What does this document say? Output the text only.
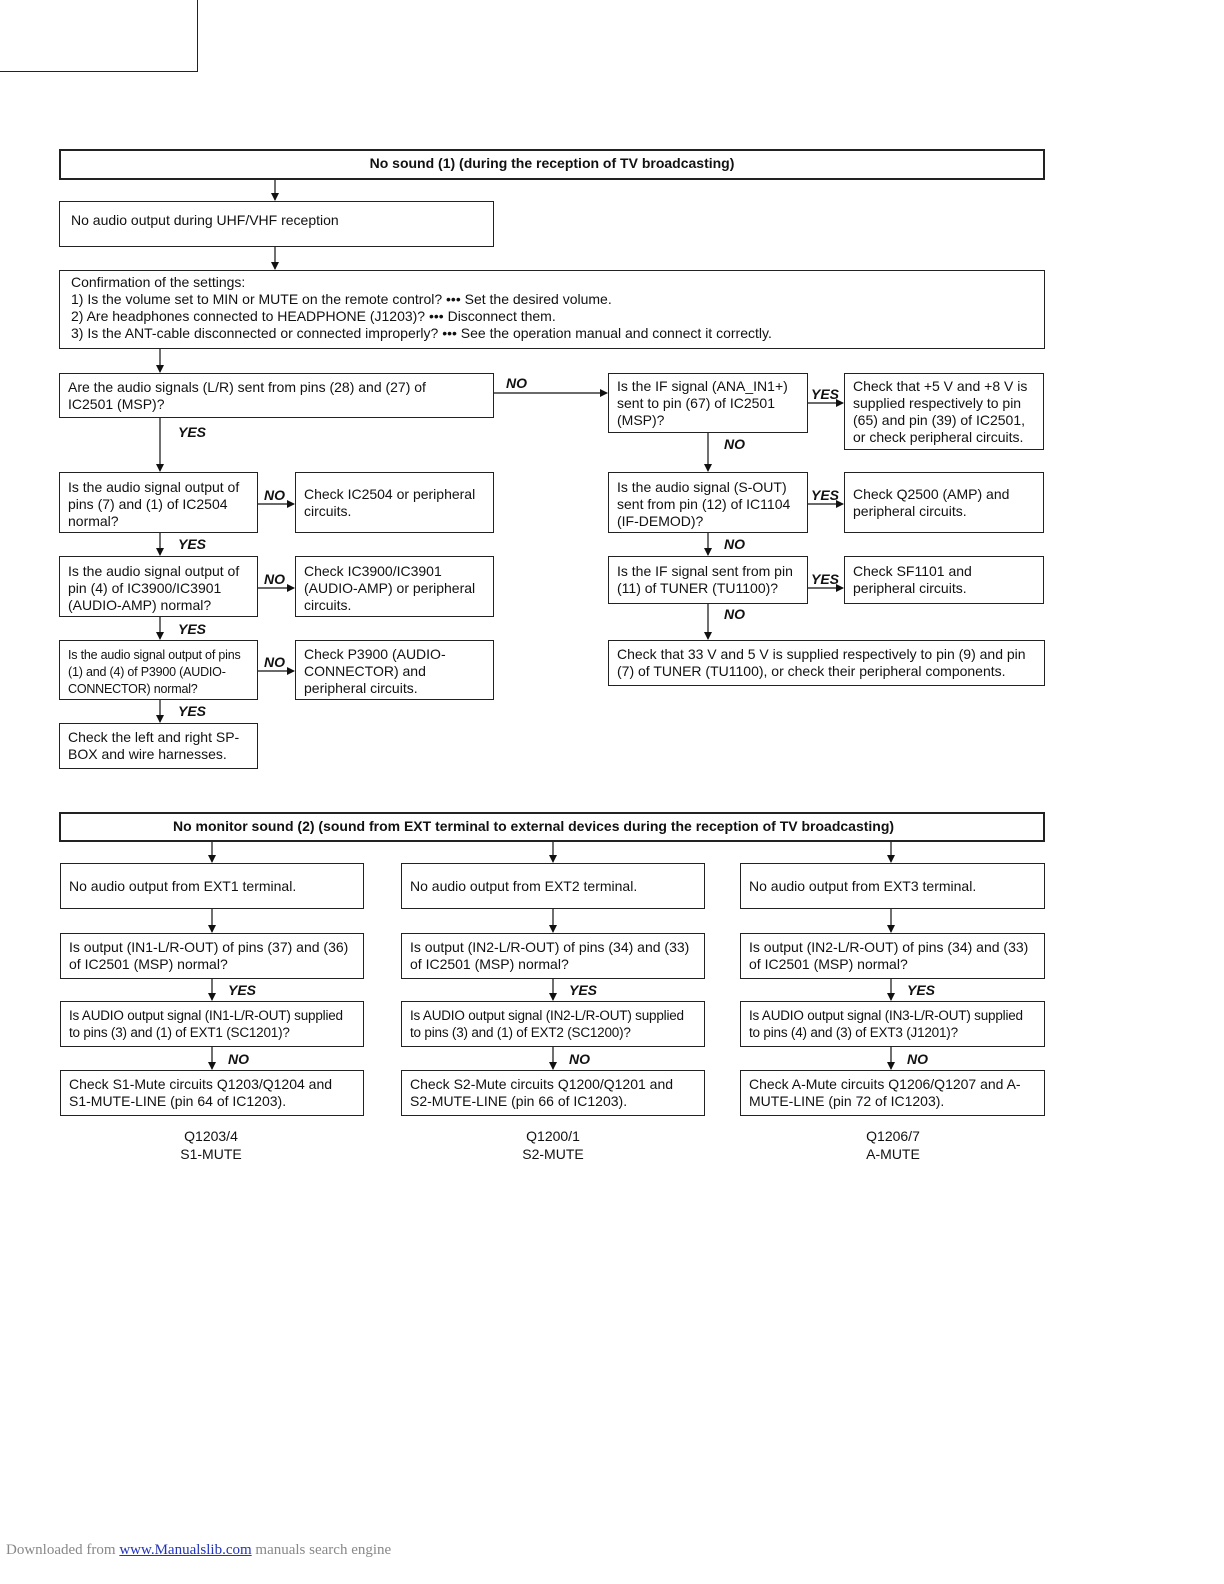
No sound (1) (during the reception of TV broadcasting)
No audio output during UHF/VHF reception
Confirmation of the settings:
1) Is the volume set to MIN or MUTE on the remote control? ••• Set the desired volume.
2) Are headphones connected to HEADPHONE (J1203)? ••• Disconnect them.
3) Is the ANT-cable disconnected or connected improperly? ••• See the operation manual and connect it correctly.
Are the audio signals (L/R) sent from pins (28) and (27) of
IC2501 (MSP)?
Is the IF signal (ANA_IN1+)
sent to pin (67) of IC2501
(MSP)?
Check that +5 V and +8 V is
supplied respectively to pin
(65) and pin (39) of IC2501,
or check peripheral circuits.
Is the audio signal output of
pins (7) and (1) of IC2504
normal?
Check IC2504 or peripheral
circuits.
Is the audio signal (S-OUT)
sent from pin (12) of IC1104
(IF-DEMOD)?
Check Q2500 (AMP) and
peripheral circuits.
Is the audio signal output of
pin (4) of IC3900/IC3901
(AUDIO-AMP) normal?
Check IC3900/IC3901
(AUDIO-AMP) or peripheral
circuits.
Is the IF signal sent from pin
(11) of TUNER (TU1100)?
Check SF1101 and
peripheral circuits.
Is the audio signal output of pins
(1) and (4) of P3900 (AUDIO-
CONNECTOR) normal?
Check P3900 (AUDIO-
CONNECTOR) and
peripheral circuits.
Check that 33 V and 5 V is supplied respectively to pin (9) and pin
(7) of TUNER (TU1100), or check their peripheral components.
Check the left and right SP-
BOX and wire harnesses.
NO
YES
YES
NO
NO	YES
YES	NO
NO	YES
NO
YES
NO
YES
No monitor sound (2) (sound from EXT terminal to external devices during the reception of TV broadcasting)
No audio output from EXT1 terminal.
Is output (IN1-L/R-OUT) of pins (37) and (36)
of IC2501 (MSP) normal?
Is AUDIO output signal (IN1-L/R-OUT) supplied
to pins (3) and (1) of EXT1 (SC1201)?
Check S1-Mute circuits Q1203/Q1204 and
S1-MUTE-LINE (pin 64 of IC1203).
No audio output from EXT2 terminal.
Is output (IN2-L/R-OUT) of pins (34) and (33)
of IC2501 (MSP) normal?
Is AUDIO output signal (IN2-L/R-OUT) supplied
to pins (3) and (1) of EXT2 (SC1200)?
Check S2-Mute circuits Q1200/Q1201 and
S2-MUTE-LINE (pin 66 of IC1203).
No audio output from EXT3 terminal.
Is output (IN2-L/R-OUT) of pins (34) and (33)
of IC2501 (MSP) normal?
Is AUDIO output signal (IN3-L/R-OUT) supplied
to pins (4) and (3) of EXT3 (J1201)?
Check A-Mute circuits Q1206/Q1207 and A-
MUTE-LINE (pin 72 of IC1203).
YES	YES	YES
NO	NO	NO
Q1203/4
S1-MUTE
Q1200/1
S2-MUTE
Q1206/7
A-MUTE
Downloaded from www.Manualslib.com manuals search engine
